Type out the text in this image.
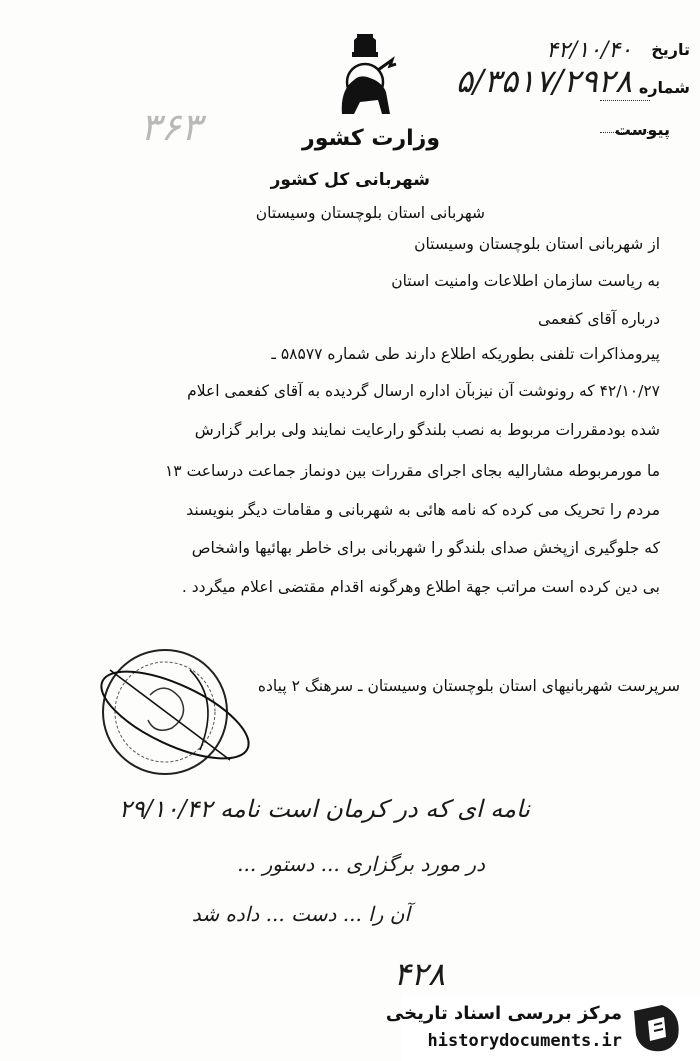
تاریخ
۴۲/۱۰/۴۰
شماره
۵/۳۵۱۷/۲۹۲۸
پیوست
۳۶۳	وزارت کشور
شهربانی کل کشور
شهربانی استان بلوچستان وسیستان
از شهربانی استان بلوچستان وسیستان
به ریاست سازمان اطلاعات وامنیت استان
درباره آقای کفعمی
پیرومذاکرات تلفنی بطوریکه اطلاع دارند طی شماره ۵۸۵۷۷ ـ
۴۲/۱۰/۲۷ که رونوشت آن نیزبآن اداره ارسال گردیده به آقای کفعمی اعلام
شده بودمقررات مربوط به نصب بلندگو رارعایت نمایند ولی برابر گزارش
ما مورمربوطه مشارالیه بجای اجرای مقررات بین دونماز جماعت درساعت ۱۳
مردم را تحریک می کرده که نامه هائی به شهربانی و مقامات دیگر بنویسند
که جلوگیری ازپخش صدای بلندگو را شهربانی برای خاطر بهائیها واشخاص
بی دین کرده است مراتب جهة اطلاع وهرگونه اقدام مقتضی اعلام میگردد .
سرپرست شهربانیهای استان بلوچستان وسیستان ـ سرهنگ ۲ پیاده
نامه ای که در کرمان است نامه ۲۹/۱۰/۴۲
در مورد برگزاری ... دستور ...
آن را ... دست ... داده شد
۴۲۸
مرکز بررسی اسناد تاریخی
historydocuments.ir
